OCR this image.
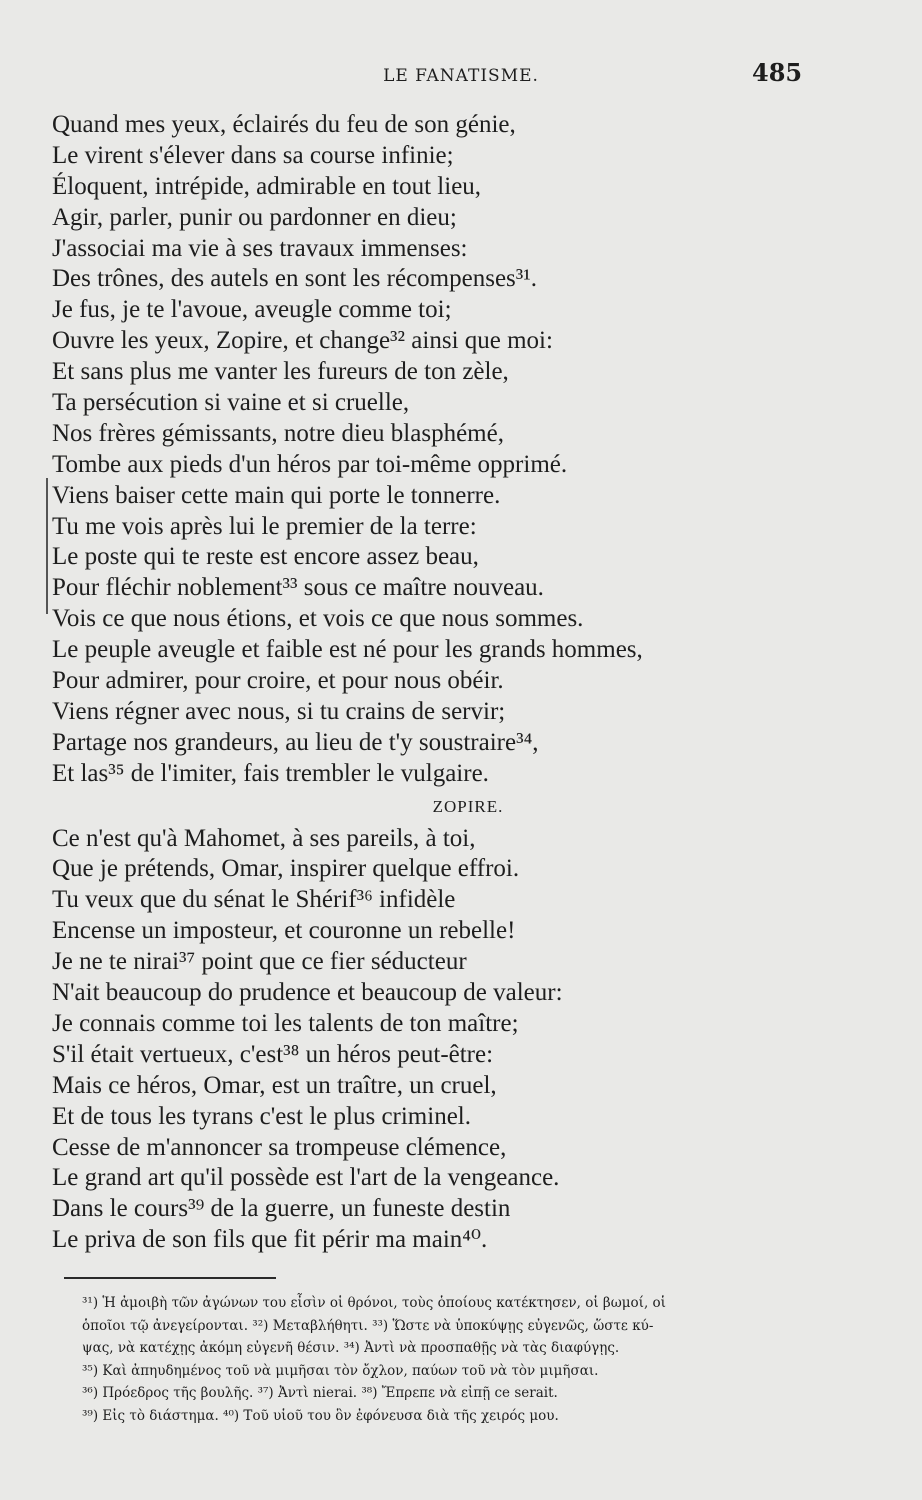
LE FANATISME.	485
Quand mes yeux, éclairés du feu de son génie,
Le virent s'élever dans sa course infinie;
Éloquent, intrépide, admirable en tout lieu,
Agir, parler, punir ou pardonner en dieu;
J'associai ma vie à ses travaux immenses:
Des trônes, des autels en sont les récompenses³¹.
Je fus, je te l'avoue, aveugle comme toi;
Ouvre les yeux, Zopire, et change³² ainsi que moi:
Et sans plus me vanter les fureurs de ton zèle,
Ta persécution si vaine et si cruelle,
Nos frères gémissants, notre dieu blasphémé,
Tombe aux pieds d'un héros par toi-même opprimé.
Viens baiser cette main qui porte le tonnerre.
Tu me vois après lui le premier de la terre:
Le poste qui te reste est encore assez beau,
Pour fléchir noblement³³ sous ce maître nouveau.
Vois ce que nous étions, et vois ce que nous sommes.
Le peuple aveugle et faible est né pour les grands hommes,
Pour admirer, pour croire, et pour nous obéir.
Viens régner avec nous, si tu crains de servir;
Partage nos grandeurs, au lieu de t'y soustraire³⁴,
Et las³⁵ de l'imiter, fais trembler le vulgaire.
ZOPIRE.
Ce n'est qu'à Mahomet, à ses pareils, à toi,
Que je prétends, Omar, inspirer quelque effroi.
Tu veux que du sénat le Shérif³⁶ infidèle
Encense un imposteur, et couronne un rebelle!
Je ne te nirai³⁷ point que ce fier séducteur
N'ait beaucoup do prudence et beaucoup de valeur:
Je connais comme toi les talents de ton maître;
S'il était vertueux, c'est³⁸ un héros peut-être:
Mais ce héros, Omar, est un traître, un cruel,
Et de tous les tyrans c'est le plus criminel.
Cesse de m'annoncer sa trompeuse clémence,
Le grand art qu'il possède est l'art de la vengeance.
Dans le cours³⁹ de la guerre, un funeste destin
Le priva de son fils que fit périr ma main⁴⁰.
³¹) Ἡ ἀμοιβὴ τῶν ἀγώνων του εἶσὶν οἱ θρόνοι, τοὺς ὁποίους κατέκτησεν, οἱ βωμοί, οἱ
ὁποῖοι τῷ ἀνεγείρονται. ³²) Μεταβλήθητι. ³³) Ὥστε νὰ ὑποκύψῃς εὐγενῶς, ὥστε κύ-
ψας, νὰ κατέχῃς ἀκόμη εὐγενῆ θέσιν. ³⁴) Ἀντὶ νὰ προσπαθῇς νὰ τὰς διαφύγῃς.
³⁵) Καὶ ἀπηυδημένος τοῦ νὰ μιμῆσαι τὸν ὄχλον, παύων τοῦ νὰ τὸν μιμῆσαι.
³⁶) Πρόεδρος τῆς βουλῆς. ³⁷) Ἀντὶ nierai. ³⁸) Ἔπρεπε νὰ εἰπῇ ce serait.
³⁹) Εἰς τὸ διάστημα. ⁴⁰) Τοῦ υἱοῦ του ὃν ἐφόνευσα διὰ τῆς χειρός μου.
